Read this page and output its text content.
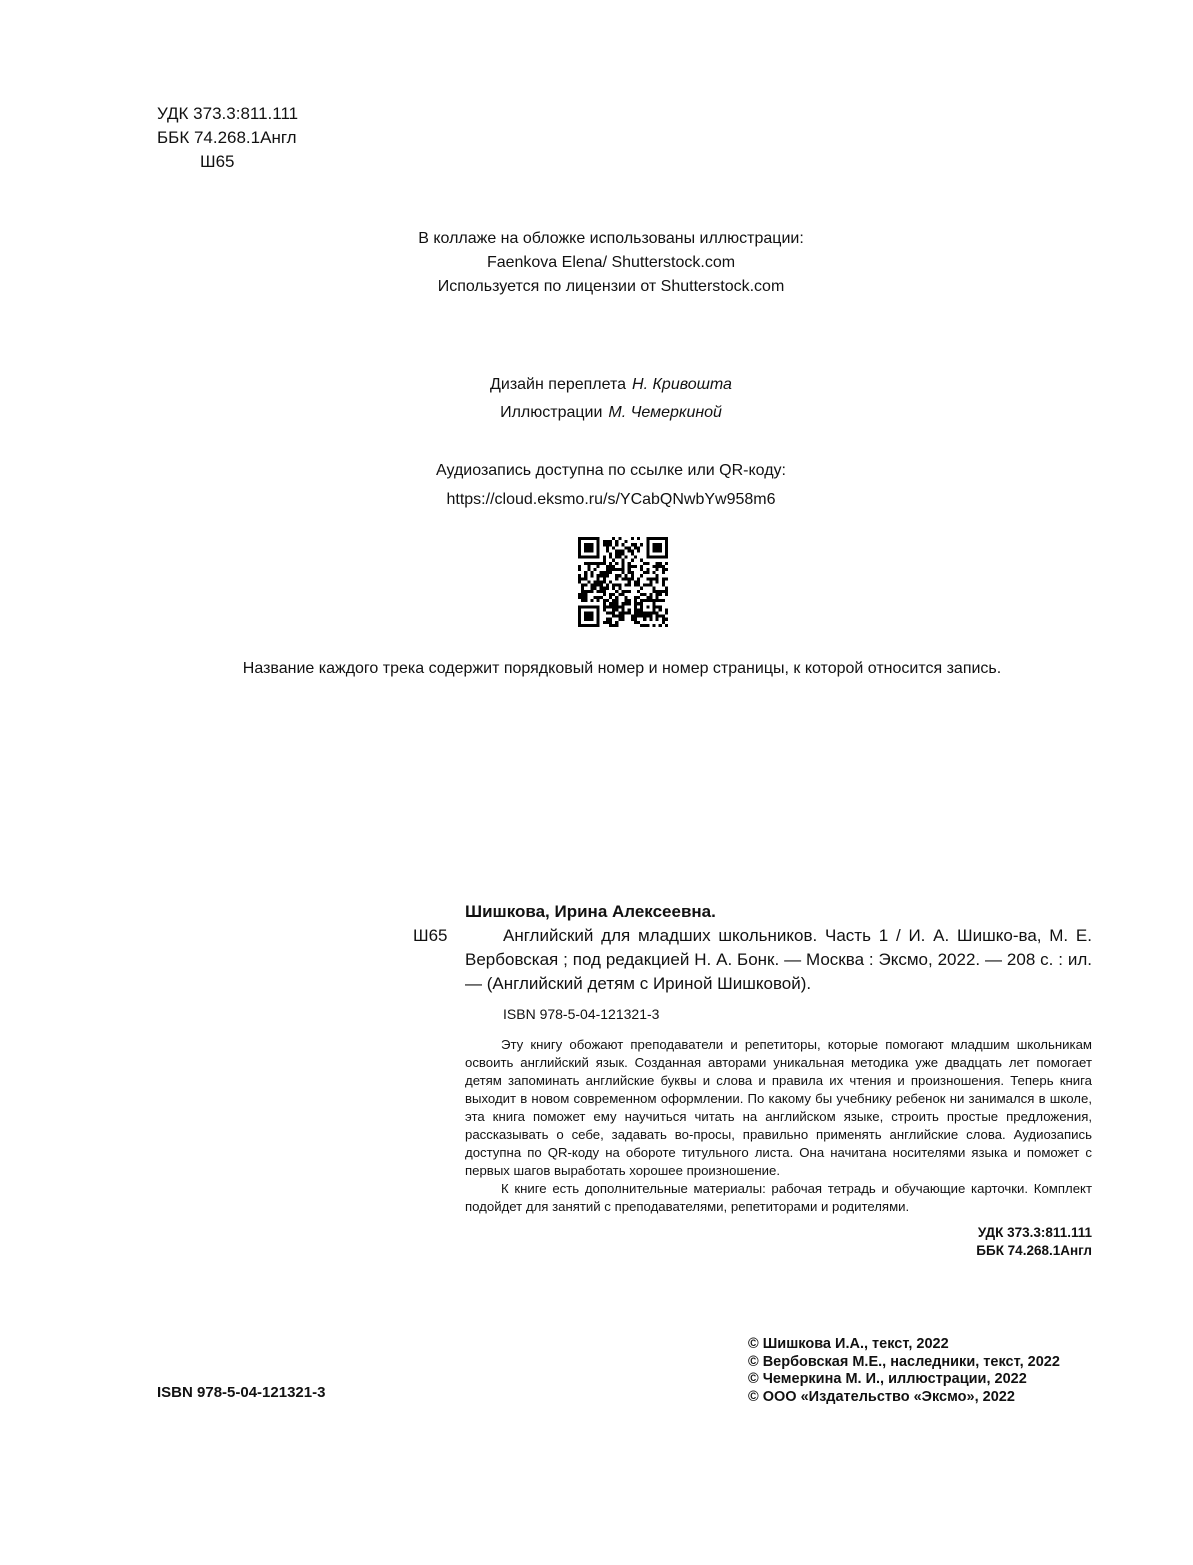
УДК 373.3:811.111
ББК 74.268.1Англ
Ш65
В коллаже на обложке использованы иллюстрации:
Faenkova Elena/ Shutterstock.com
Используется по лицензии от Shutterstock.com
Дизайн переплета Н. Кривошта
Иллюстрации М. Чемеркиной
Аудиозапись доступна по ссылке или QR-коду:
https://cloud.eksmo.ru/s/YCabQNwbYw958m6
Название каждого трека содержит порядковый номер и номер страницы, к которой относится запись.
Шишкова, Ирина Алексеевна.
Ш65	Английский для младших школьников. Часть 1 / И. А. Шишко-ва, М. Е. Вербовская ; под редакцией Н. А. Бонк. — Москва : Эксмо, 2022. — 208 с. : ил. — (Английский детям с Ириной Шишковой).

ISBN 978-5-04-121321-3

Эту книгу обожают преподаватели и репетиторы, которые помогают младшим школьникам освоить английский язык. Созданная авторами уникальная методика уже двадцать лет помогает детям запоминать английские буквы и слова и правила их чтения и произношения. Теперь книга выходит в новом современном оформлении. По какому бы учебнику ребенок ни занимался в школе, эта книга поможет ему научиться читать на английском языке, строить простые предложения, рассказывать о себе, задавать во-просы, правильно применять английские слова. Аудиозапись доступна по QR-коду на обороте титульного листа. Она начитана носителями языка и поможет с первых шагов выработать хорошее произношение.

К книге есть дополнительные материалы: рабочая тетрадь и обучающие карточки. Комплект подойдет для занятий с преподавателями, репетиторами и родителями.

УДК 373.3:811.111
ББК 74.268.1Англ
ISBN 978-5-04-121321-3
© Шишкова И.А., текст, 2022
© Вербовская М.Е., наследники, текст, 2022
© Чемеркина М. И., иллюстрации, 2022
© ООО «Издательство «Эксмо», 2022
